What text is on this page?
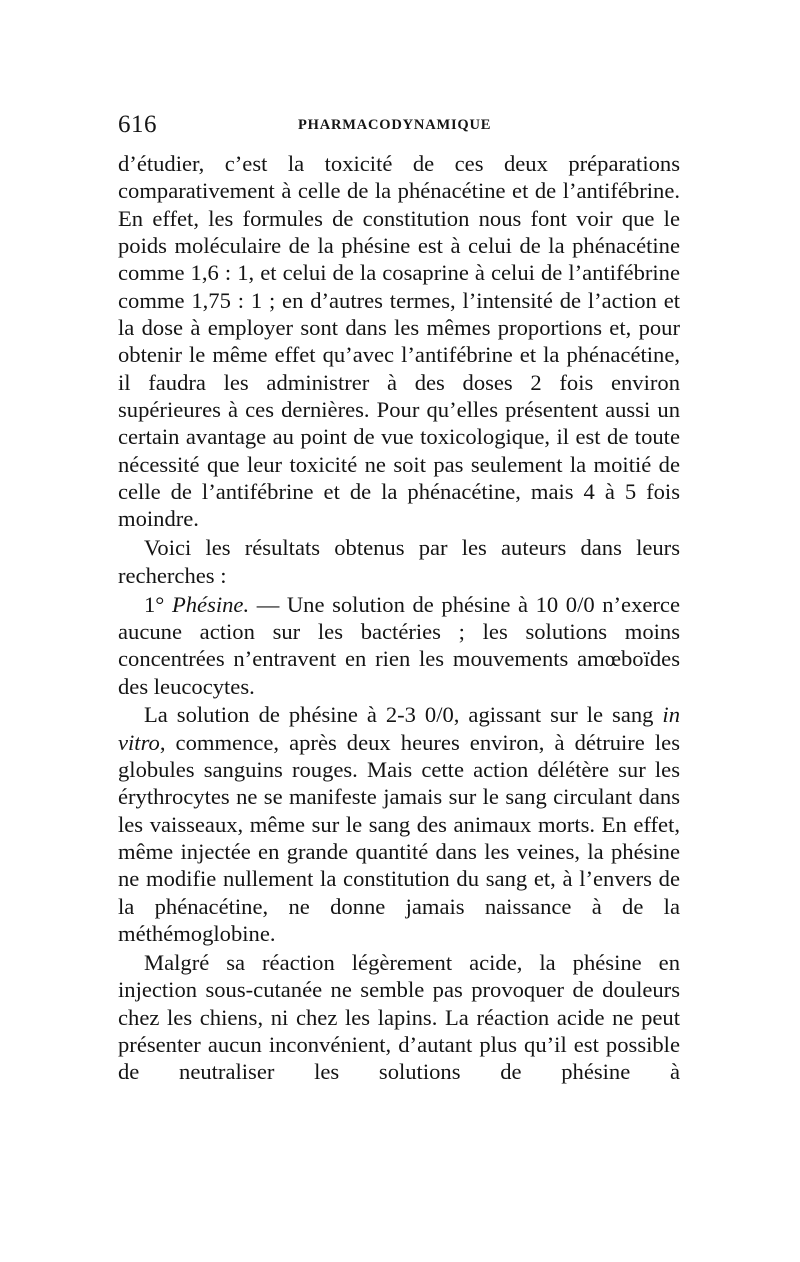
616	PHARMACODYNAMIQUE

d’étudier, c’est la toxicité de ces deux préparations comparativement à celle de la phénacétine et de l’antifébrine. En effet, les formules de constitution nous font voir que le poids moléculaire de la phésine est à celui de la phénacétine comme 1,6 : 1, et celui de la cosaprine à celui de l’antifébrine comme 1,75 : 1 ; en d’autres termes, l’intensité de l’action et la dose à employer sont dans les mêmes proportions et, pour obtenir le même effet qu’avec l’antifébrine et la phénacétine, il faudra les administrer à des doses 2 fois environ supérieures à ces dernières. Pour qu’elles présentent aussi un certain avantage au point de vue toxicologique, il est de toute nécessité que leur toxicité ne soit pas seulement la moitié de celle de l’antifébrine et de la phénacétine, mais 4 à 5 fois moindre.

Voici les résultats obtenus par les auteurs dans leurs recherches :

1° Phésine. — Une solution de phésine à 10 0/0 n’exerce aucune action sur les bactéries ; les solutions moins concentrées n’entravent en rien les mouvements amœboïdes des leucocytes.

La solution de phésine à 2-3 0/0, agissant sur le sang in vitro, commence, après deux heures environ, à détruire les globules sanguins rouges. Mais cette action délétère sur les érythrocytes ne se manifeste jamais sur le sang circulant dans les vaisseaux, même sur le sang des animaux morts. En effet, même injectée en grande quantité dans les veines, la phésine ne modifie nullement la constitution du sang et, à l’envers de la phénacétine, ne donne jamais naissance à de la méthémoglobine.

Malgré sa réaction légèrement acide, la phésine en injection sous-cutanée ne semble pas provoquer de douleurs chez les chiens, ni chez les lapins. La réaction acide ne peut présenter aucun inconvénient, d’autant plus qu’il est possible de neutraliser les solutions de phésine à
